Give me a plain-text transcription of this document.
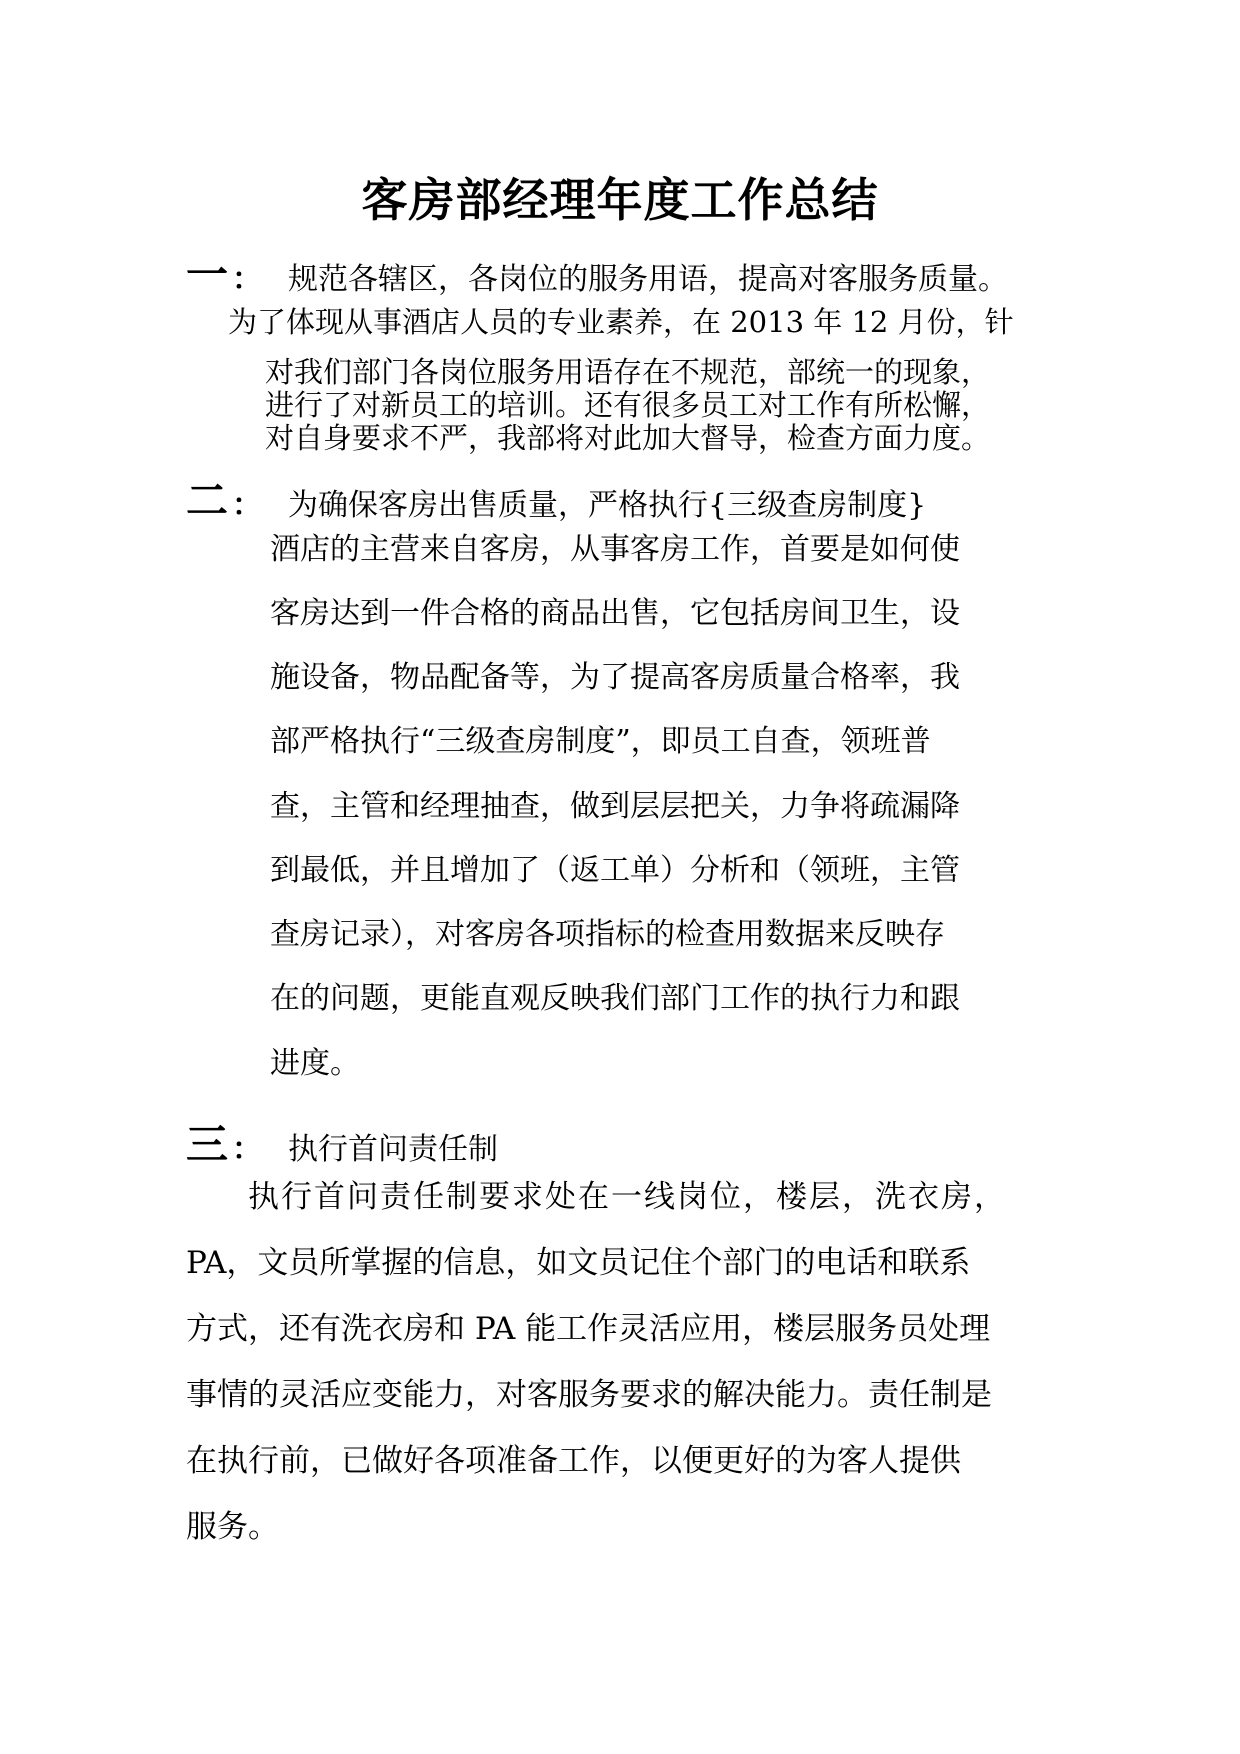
客房部经理年度工作总结
一 ： 规范各辖区，各岗位的服务用语，提高对客服务质量。
为了体现从事酒店人员的专业素养，在 2013 年 12 月份，针
对我们部门各岗位服务用语存在不规范，部统一的现象，
进行了对新员工的培训。还有很多员工对工作有所松懈，
对自身要求不严，我部将对此加大督导，检查方面力度。
二 ： 为确保客房出售质量，严格执行{三级查房制度}
酒店的主营来自客房，从事客房工作，首要是如何使
客房达到一件合格的商品出售，它包括房间卫生，设
施设备，物品配备等，为了提高客房质量合格率，我
部严格执行“三级查房制度”，即员工自查，领班普
查，主管和经理抽查，做到层层把关，力争将疏漏降
到最低，并且增加了（返工单）分析和（领班，主管
查房记录），对客房各项指标的检查用数据来反映存
在的问题，更能直观反映我们部门工作的执行力和跟
进度。
三 ： 执行首问责任制
执行首问责任制要求处在一线岗位，楼层，洗衣房，
PA，文员所掌握的信息，如文员记住个部门的电话和联系
方式，还有洗衣房和 PA 能工作灵活应用，楼层服务员处理
事情的灵活应变能力，对客服务要求的解决能力。责任制是
在执行前，已做好各项准备工作，以便更好的为客人提供
服务。
